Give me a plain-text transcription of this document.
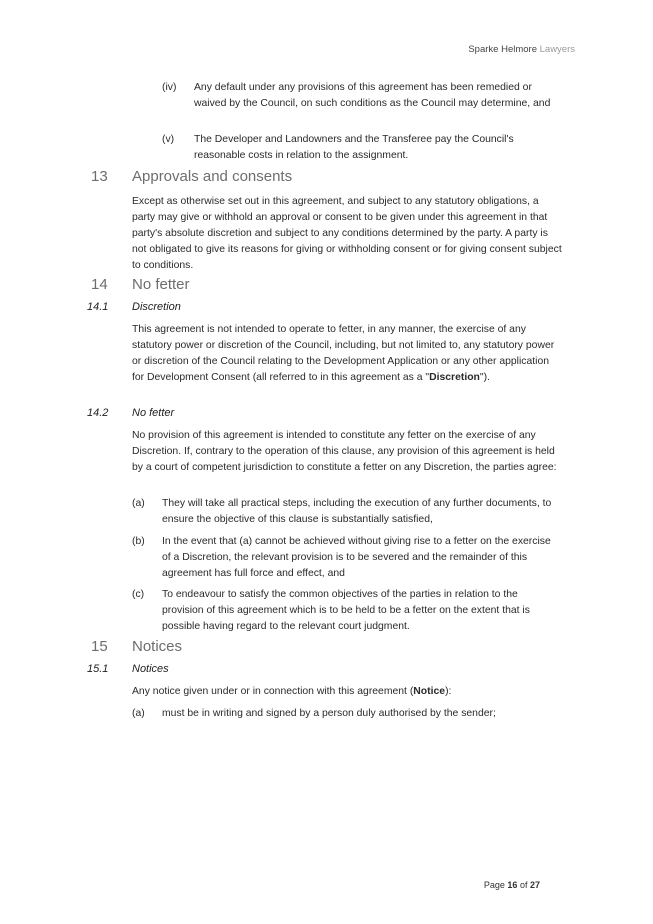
Sparke Helmore Lawyers
(iv) Any default under any provisions of this agreement has been remedied or waived by the Council, on such conditions as the Council may determine, and
(v) The Developer and Landowners and the Transferee pay the Council's reasonable costs in relation to the assignment.
13 Approvals and consents
Except as otherwise set out in this agreement, and subject to any statutory obligations, a party may give or withhold an approval or consent to be given under this agreement in that party's absolute discretion and subject to any conditions determined by the party. A party is not obligated to give its reasons for giving or withholding consent or for giving consent subject to conditions.
14 No fetter
14.1 Discretion
This agreement is not intended to operate to fetter, in any manner, the exercise of any statutory power or discretion of the Council, including, but not limited to, any statutory power or discretion of the Council relating to the Development Application or any other application for Development Consent (all referred to in this agreement as a "Discretion").
14.2 No fetter
No provision of this agreement is intended to constitute any fetter on the exercise of any Discretion. If, contrary to the operation of this clause, any provision of this agreement is held by a court of competent jurisdiction to constitute a fetter on any Discretion, the parties agree:
(a) They will take all practical steps, including the execution of any further documents, to ensure the objective of this clause is substantially satisfied,
(b) In the event that (a) cannot be achieved without giving rise to a fetter on the exercise of a Discretion, the relevant provision is to be severed and the remainder of this agreement has full force and effect, and
(c) To endeavour to satisfy the common objectives of the parties in relation to the provision of this agreement which is to be held to be a fetter on the extent that is possible having regard to the relevant court judgment.
15 Notices
15.1 Notices
Any notice given under or in connection with this agreement (Notice):
(a) must be in writing and signed by a person duly authorised by the sender;
Page 16 of 27
